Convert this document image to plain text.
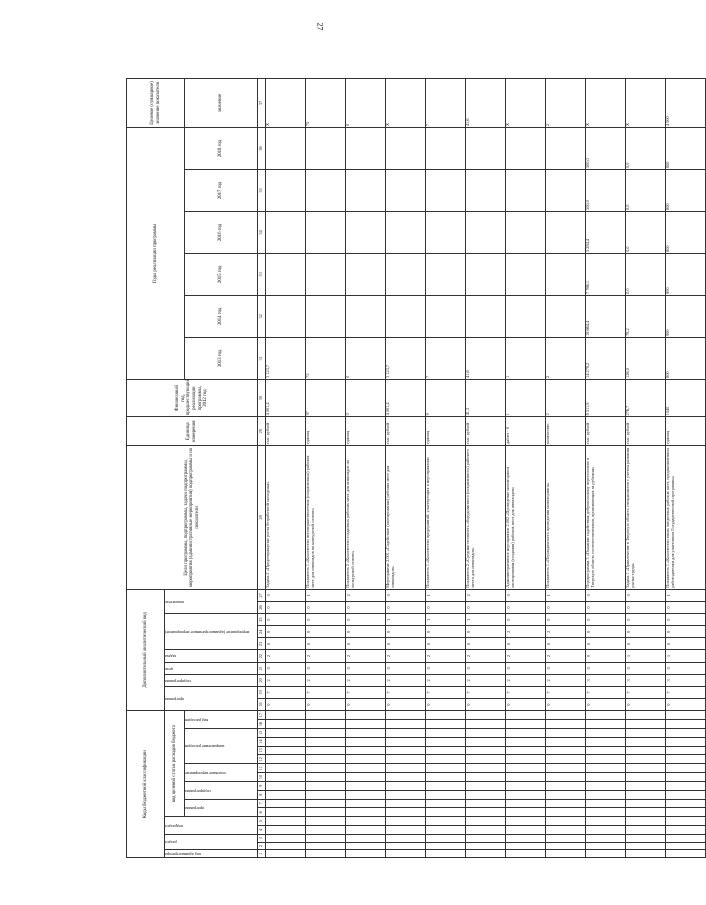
27
Коды бюджетной классификации																	Дополнительный аналитический код										Цели программы, подпрограммы, задачи подпрограммы, мероприятия (административные мероприятия) подпрограммы и их показатели	Единица измерения	Финансовый год, предшествующий реализации программы, 2012 год	Годы реализации программы						Целевое (суммарное) значение показателя

код администратора	раздел		подраздел		код целевой статьи расходов бюджета												программа		подпрограмма	цель	задача	мероприятие (административное мероприятие)			показатель											

					программа		подпрограмма		основное мероприятие		направление расходов				вид расходов															2013 год	2014 год	2015 год	2016 год	2017 год	2018 год	значение
1	2	3	4	5	6	7	8	9	10	11	12	13	14	15	16	17	18	19	20	21	22	23	24	25	26	27	28	29	30	31	32	33	34	35	36	37
																	0	7	2	0	2	0	0	0	0	0	Задача 2 «Предотвращение роста безработной молодежи»	тыс. рублей	4 001,4	3 123,7						X
																	0	7	2	0	2	0	0	0	0	1	Показатель 1 «Количество несовершеннолетних (сохраненных) рабочих мест для инвалидов на конкурсной основе»	единиц	97	75						75
																	0	7	2	0	2	0	0	0	0	2	Показатель 2 «Количество созданных рабочих мест для инвалидов на конкурсной основе»	единиц	0	0						0
																	0	7	2	0	2	0	0	1	0	0	Мероприятие 2.001 «Содействие (квотирование) рабочих мест для инвалидов»	тыс. рублей	4 001,4	3 123,7						X
																	0	7	2	0	2	0	0	1	0	1	Показатель 1 «Количество предприятий, участвующих в мероприятии»	единиц	9	7						7
																	0	7	2	0	2	0	0	1	0	2	Показатель 2 «Средняя стоимость оборудованного (сохраненного) рабочего места для инвалидов»	тыс. рублей	41,3	41,6						41,6
																	0	7	2	0	2	0	2	0	0	0	Административное мероприятие 2.002 «Проведение мониторинга квотирования (создания) рабочих мест для инвалидов»	да/нет - 0	1	1						X
																	0	7	2	0	2	0	2	0	0	1	Показатель 1 «Периодичность проведения мониторинга»	количество	2	2						2
																	0	7	3	0	0	0	0	0	0	0	Подпрограмма 3 «Оказание содействия добровольному переселению в Тверскую область соотечественников, проживающих за рубежом»	тыс. рублей	8 511,9	14 279,2	18 664,4	7 766,1	5 284,4	500,0	500,0	X
																	0	7	3	0	1	0	0	0	0	0	Задача 1 «Привлечение в Тверскую область специалистов с учетом развития рынка труда»	тыс. рублей	276,7	126,0	78,2	0,0	0,0	0,0	0,0	X
																	0	7	3	0	1	0	0	0	0	1	Показатель 1 «Количество вновь введенных рабочих мест, предназначенных работодателям для участников Государственной программы»	единиц	1040	800	900	800	800	800	800	4 900
